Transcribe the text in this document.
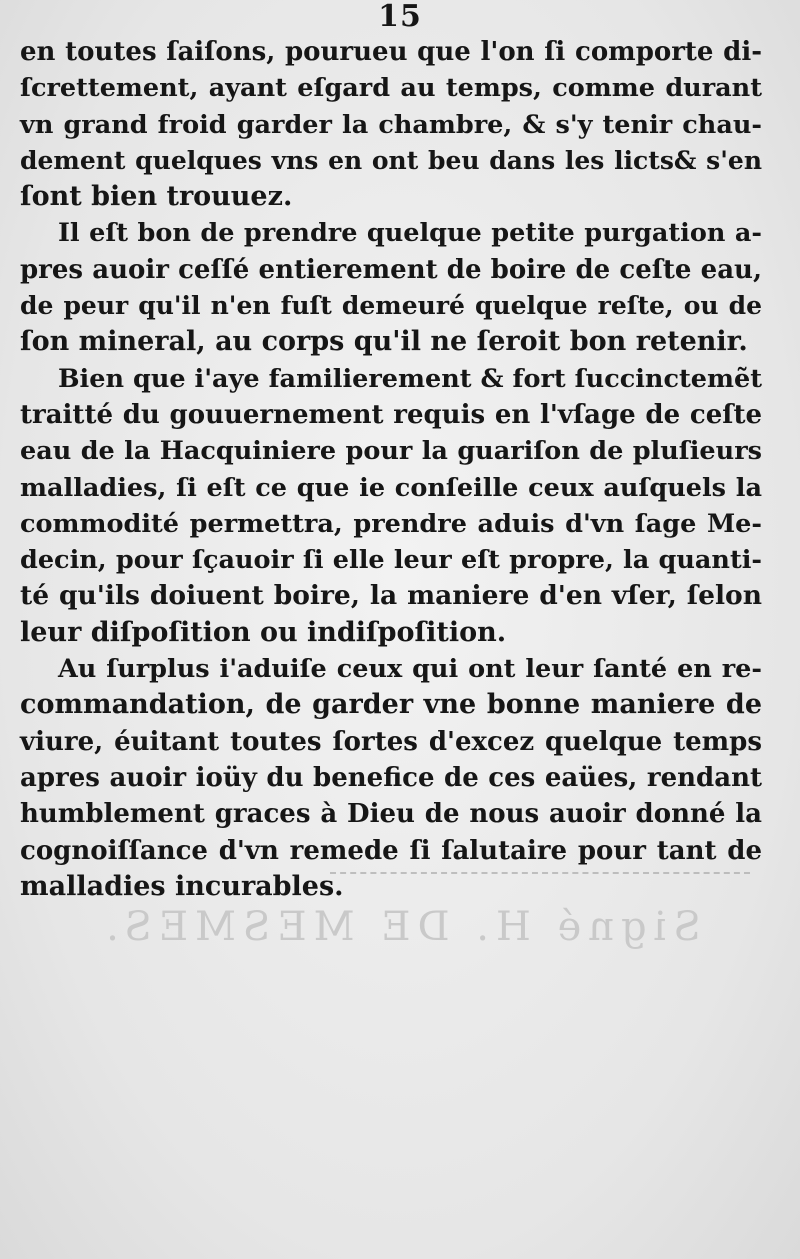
15
en toutes ſaiſons, pourueu que l'on ſi comporte di-
ſcrettement, ayant eſgard au temps, comme durant
vn grand froid garder la chambre, & s'y tenir chau-
dement quelques vns en ont beu dans les licts& s'en
ſont bien trouuez.
Il eſt bon de prendre quelque petite purgation a-
pres auoir ceſſé entierement de boire de ceſte eau,
de peur qu'il n'en fuſt demeuré quelque reſte, ou de
ſon mineral, au corps qu'il ne ſeroit bon retenir.
Bien que i'aye familierement & fort ſuccinctemẽt
traitté du gouuernement requis en l'vſage de ceſte
eau de la Hacquiniere pour la guariſon de pluſieurs
malladies, ſi eſt ce que ie conſeille ceux auſquels la
commodité permettra, prendre aduis d'vn ſage Me-
decin, pour ſçauoir ſi elle leur eſt propre, la quanti-
té qu'ils doiuent boire, la maniere d'en vſer, ſelon
leur diſpoſition ou indiſpoſition.
Au ſurplus i'aduiſe ceux qui ont leur ſanté en re-
commandation, de garder vne bonne maniere de
viure, éuitant toutes ſortes d'excez quelque temps
apres auoir ioüy du benefice de ces eaües, rendant
humblement graces à Dieu de nous auoir donné la
cognoiſſance d'vn remede ſi ſalutaire pour tant de
malladies incurables.
Signé H. DE MESMES.
